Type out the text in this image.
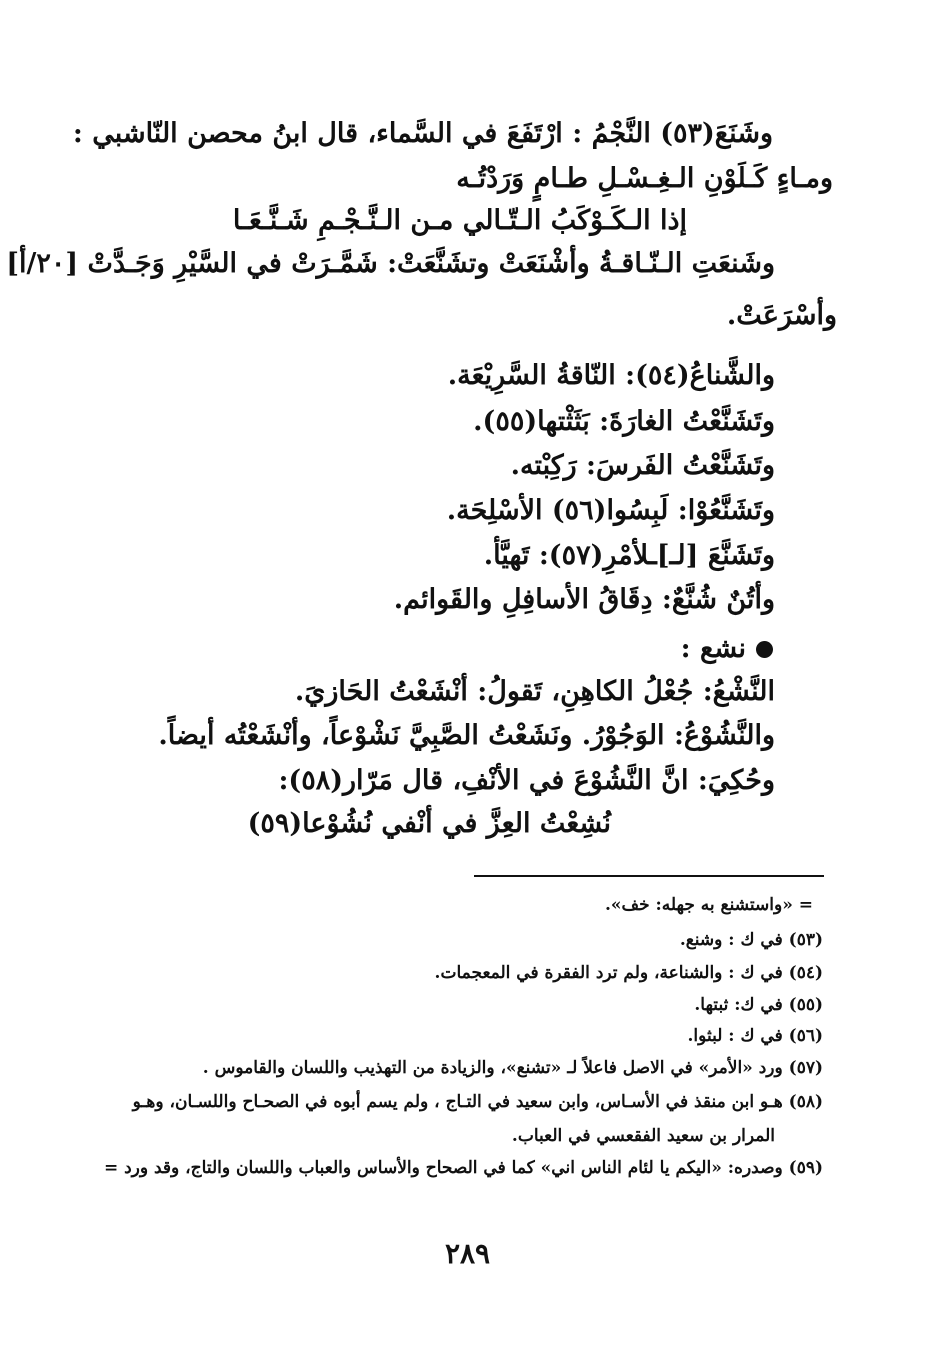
وشَنَعَ(٥٣) النَّجْمُ : ارْتَفَعَ في السَّماء، قال ابنُ محصن النّاشبي :
ومـاءٍ كَـلَوْنِ الـغِـسْـلِ طـامٍ وَرَدْتُـه
إذا الـكَـوْكَبُ الـتّـالي مـن الـنَّـجْـمِ شَـنَّـعَـا
وشَنعَتِ الـنّـاقـةُ وأشْنَعَتْ وتشَنَّعَتْ: شَمَّـرَتْ في السَّيْرِ وَجَـدَّتْ [٢٠/أ]
وأسْرَعَتْ.
والشَّناعُ(٥٤): النّاقةُ السَّرِيْعَة.
وتَشَنَّعْتُ الغارَةَ: بَثَثْتها(٥٥).
وتَشَنَّعْتُ الفَرسَ: رَكِبْته.
وتَشَنَّعُوْا: لَبِسُوا(٥٦) الأسْلِحَة.
وتَشَنَّعَ [لـ]ـلأمْرِ(٥٧): تَهيَّأ.
وأتُنٌ شُنَّعٌ: دِقَاقُ الأسافِلِ والقَوائم.
نشع :
النَّشْعُ: جُعْلُ الكاهِنِ، تَقولُ: أنْشَعْتُ الحَازيَ.
والنَّشُوْعُ: الوَجُوْرُ. ونَشَعْتُ الصَّبِيَّ نَشْوْعاً، وأنْشَعْتُه أيضاً.
وحُكِيَ: انَّ النَّشُوْعَ في الأنْفِ، قال مَرّار(٥٨):
نُشِعْتُ العِزَّ في أنْفي نُشُوْعا(٥٩)
= «واستشنع به جهله: خف».
(٥٣) في ك : وشنع.
(٥٤) في ك : والشناعة، ولم ترد الفقرة في المعجمات.
(٥٥) في ك: ثبتها.
(٥٦) في ك : لبثوا.
(٥٧) ورد «الأمر» في الاصل فاعلاً لـ «تشنع»، والزيادة من التهذيب واللسان والقاموس .
(٥٨) هـو ابن منقذ في الأسـاس، وابن سعيد في التـاج ، ولم يسم أبوه في الصحـاح واللسـان، وهـو
المرار بن سعيد الفقعسي في العباب.
(٥٩) وصدره: «اليكم يا لئام الناس اني» كما في الصحاح والأساس والعباب واللسان والتاج، وقد ورد =
٢٨٩
